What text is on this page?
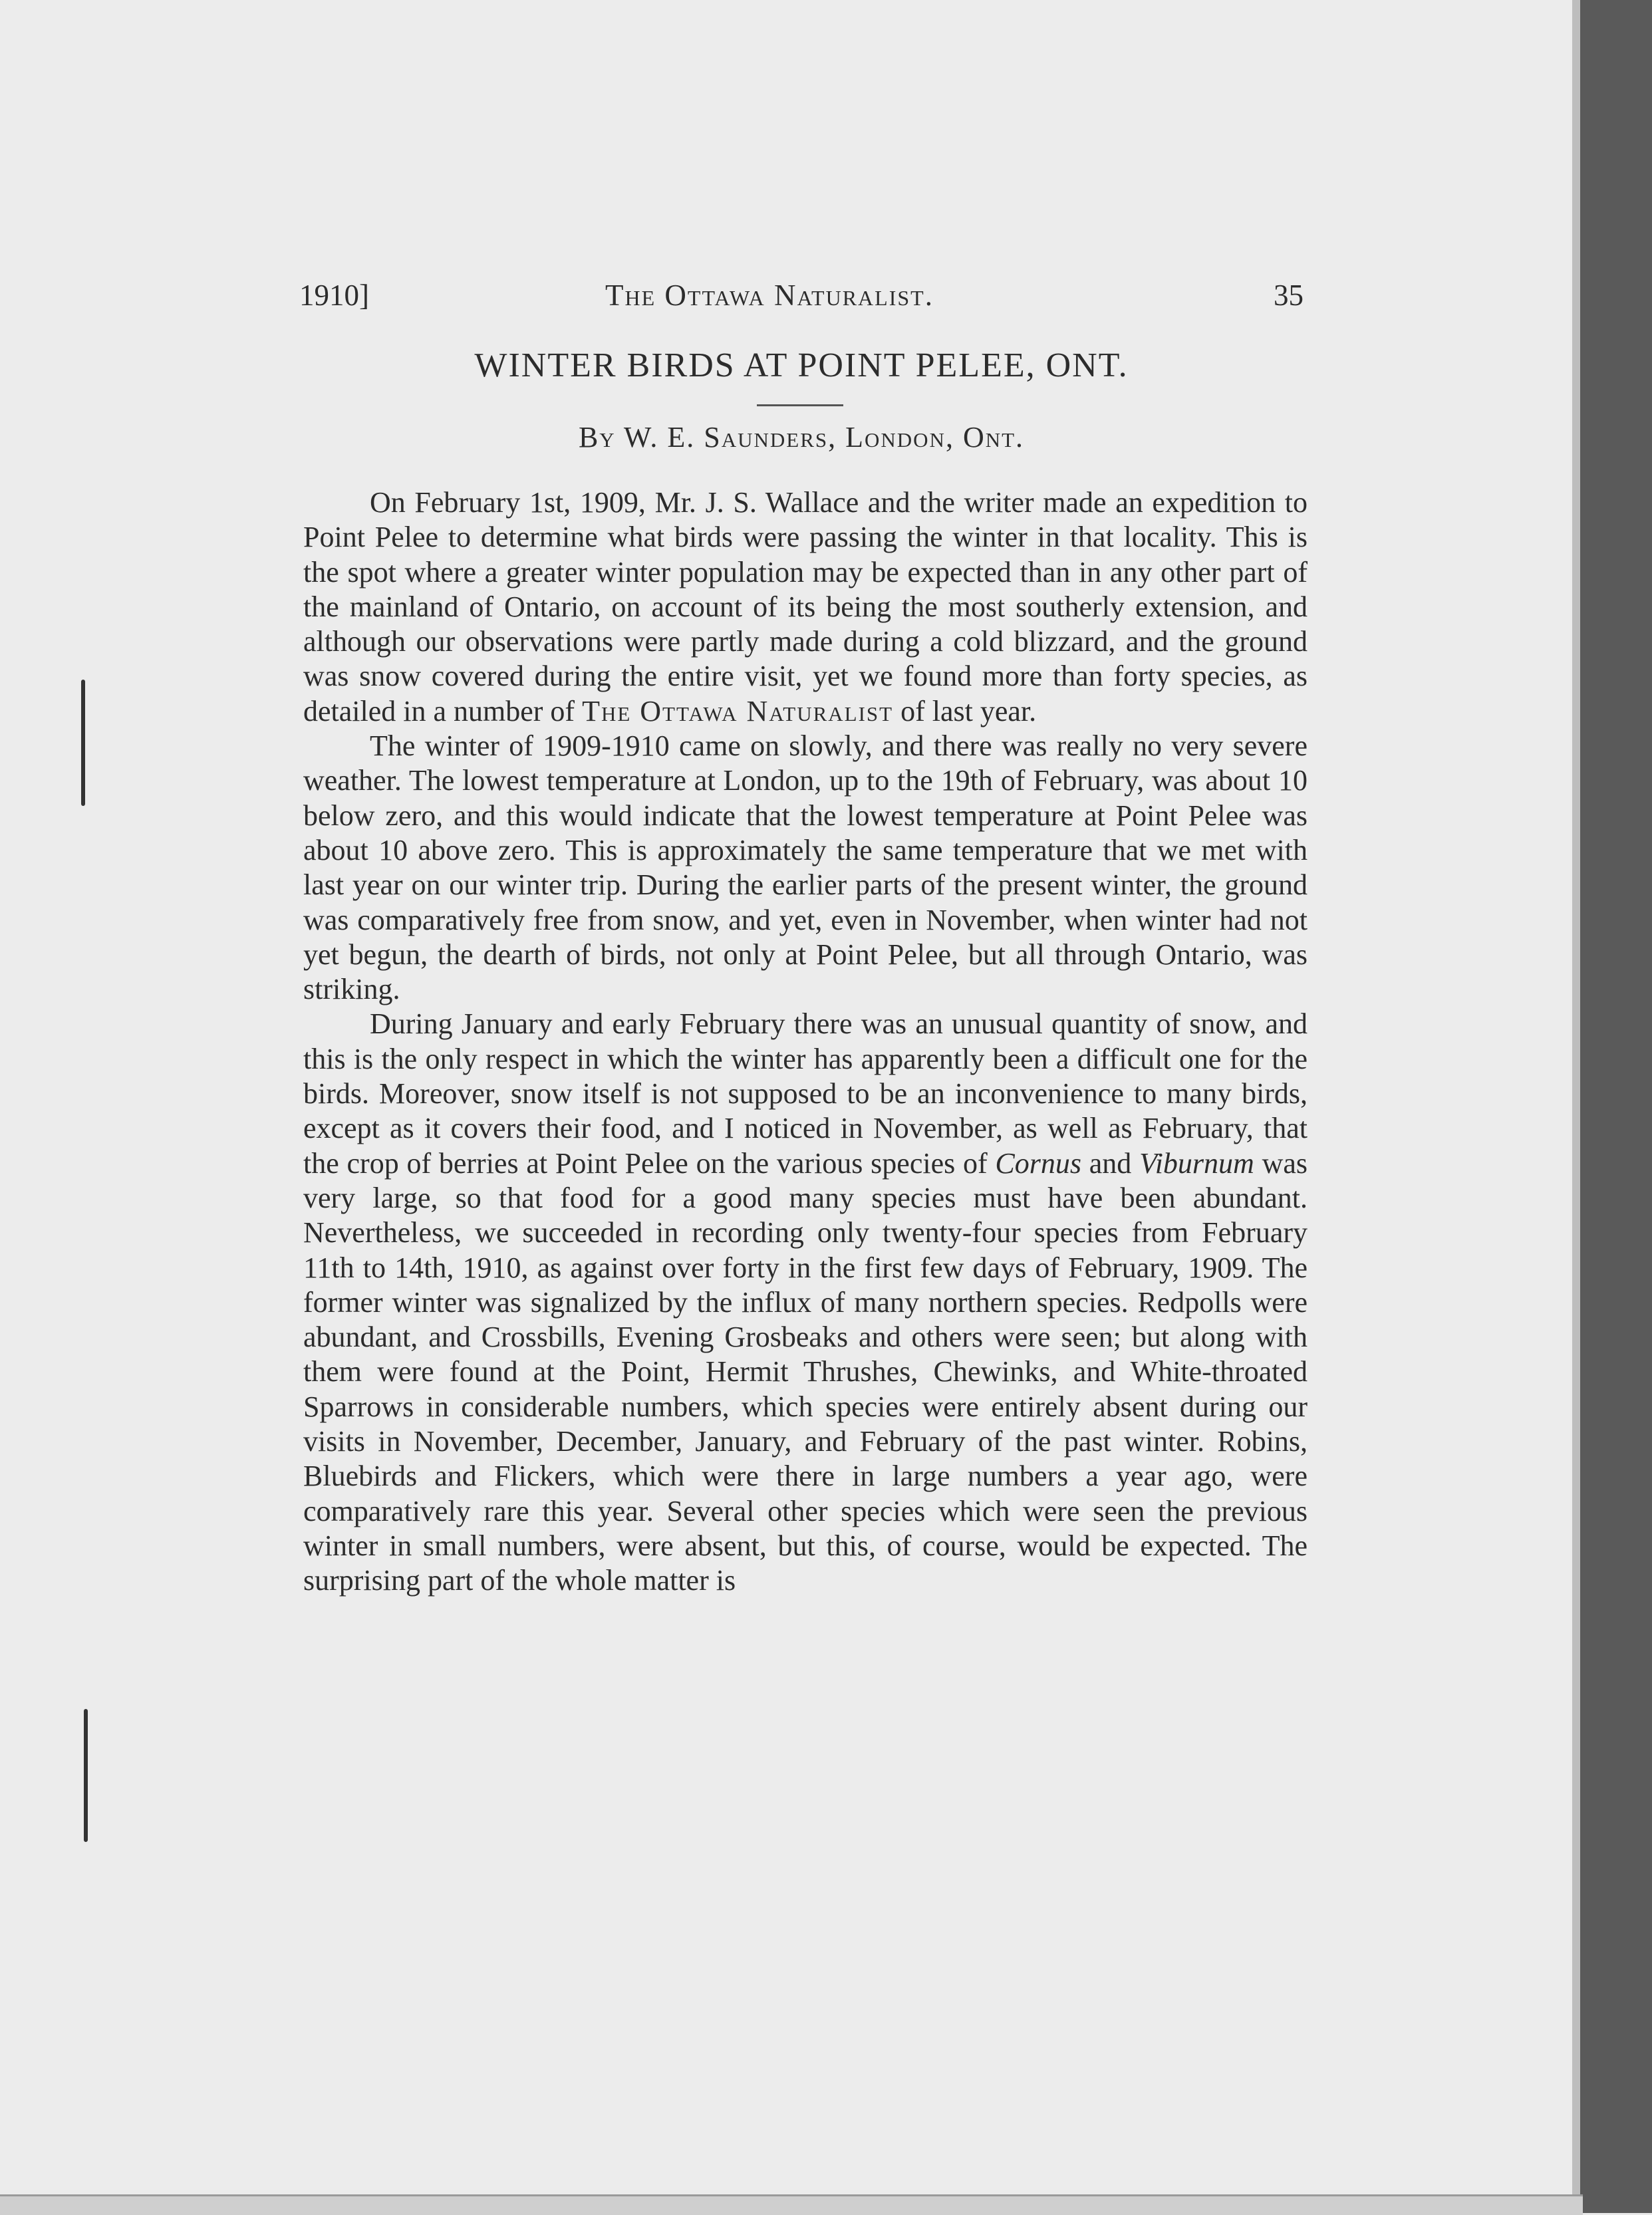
1910]	The Ottawa Naturalist.	35
WINTER BIRDS AT POINT PELEE, ONT.
By W. E. Saunders, London, Ont.

On February 1st, 1909, Mr. J. S. Wallace and the writer made an expedition to Point Pelee to determine what birds were passing the winter in that locality. This is the spot where a greater winter population may be expected than in any other part of the mainland of Ontario, on account of its being the most southerly extension, and although our observations were partly made during a cold blizzard, and the ground was snow covered during the entire visit, yet we found more than forty species, as detailed in a number of The Ottawa Naturalist of last year.

The winter of 1909-1910 came on slowly, and there was really no very severe weather. The lowest temperature at London, up to the 19th of February, was about 10 below zero, and this would indicate that the lowest temperature at Point Pelee was about 10 above zero. This is approximately the same temperature that we met with last year on our winter trip. During the earlier parts of the present winter, the ground was comparatively free from snow, and yet, even in November, when winter had not yet begun, the dearth of birds, not only at Point Pelee, but all through Ontario, was striking.

During January and early February there was an unusual quantity of snow, and this is the only respect in which the winter has apparently been a difficult one for the birds. Moreover, snow itself is not supposed to be an inconvenience to many birds, except as it covers their food, and I noticed in November, as well as February, that the crop of berries at Point Pelee on the various species of Cornus and Viburnum was very large, so that food for a good many species must have been abundant. Nevertheless, we succeeded in recording only twenty-four species from February 11th to 14th, 1910, as against over forty in the first few days of February, 1909. The former winter was signalized by the influx of many northern species. Redpolls were abundant, and Crossbills, Evening Grosbeaks and others were seen; but along with them were found at the Point, Hermit Thrushes, Chewinks, and White-throated Sparrows in considerable numbers, which species were entirely absent during our visits in November, December, January, and February of the past winter. Robins, Bluebirds and Flickers, which were there in large numbers a year ago, were comparatively rare this year. Several other species which were seen the previous winter in small numbers, were absent, but this, of course, would be expected. The surprising part of the whole matter is
